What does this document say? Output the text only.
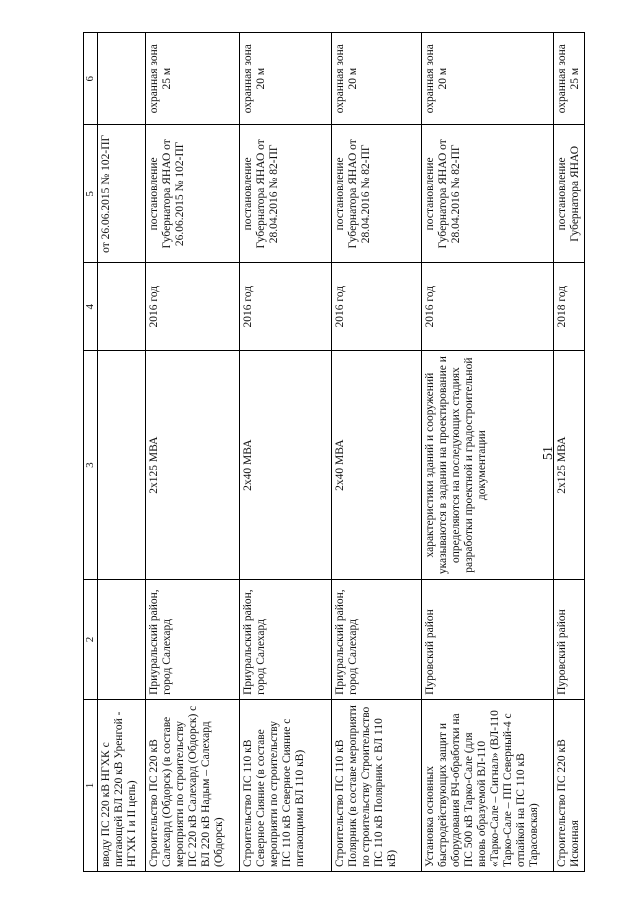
51
1	2	3	4	5	6
вводу ПС 220 кВ НГХК с питающей ВЛ 220 кВ Уренгой - НГХК I и II цепь)				от 26.06.2015 № 102-ПГ	
Строительство ПС 220 кВ Салехард (Обдорск) (в составе мероприяти по строительству ПС 220 кВ Салехард (Обдорск) с ВЛ 220 кВ Надым – Салехард (Обдорск)	Приуральский район, город Салехард	2х125 МВА	2016 год	постановление Губернатора ЯНАО от 26.06.2015 № 102-ПГ	охранная зона 25 м
Строительство ПС 110 кВ Северное Сияние (в составе мероприяти по строительству ПС 110 кВ Северное Сияние с питающими ВЛ 110 кВ)	Приуральский район, город Салехард	2х40 МВА	2016 год	постановление Губернатора ЯНАО от 28.04.2016 № 82-ПГ	охранная зона 20 м
Строительство ПС 110 кВ Полярник (в составе мероприяти по строительству Строительство ПС 110 кВ Полярник с ВЛ 110 кВ)	Приуральский район, город Салехард	2х40 МВА	2016 год	постановление Губернатора ЯНАО от 28.04.2016 № 82-ПГ	охранная зона 20 м
Установка основных быстродействующих защит и оборудования ВЧ-обработки на ПС 500 кВ Тарко-Сале (для вновь образуемой ВЛ-110 «Тарко-Сале – Сигнал» (ВЛ-110 Тарко-Сале – ПП Северный-4 с отпайкой на ПС 110 кВ Тарасовская)	Пуровский район	характеристики зданий и сооружений указываются в задании на проектирование и определяются на последующих стадиях разработки проектной и градостроительной документации	2016 год	постановление Губернатора ЯНАО от 28.04.2016 № 82-ПГ	охранная зона 20 м
Строительство ПС 220 кВ Исконная	Пуровский район	2х125 МВА	2018 год	постановление Губернатора ЯНАО	охранная зона 25 м
